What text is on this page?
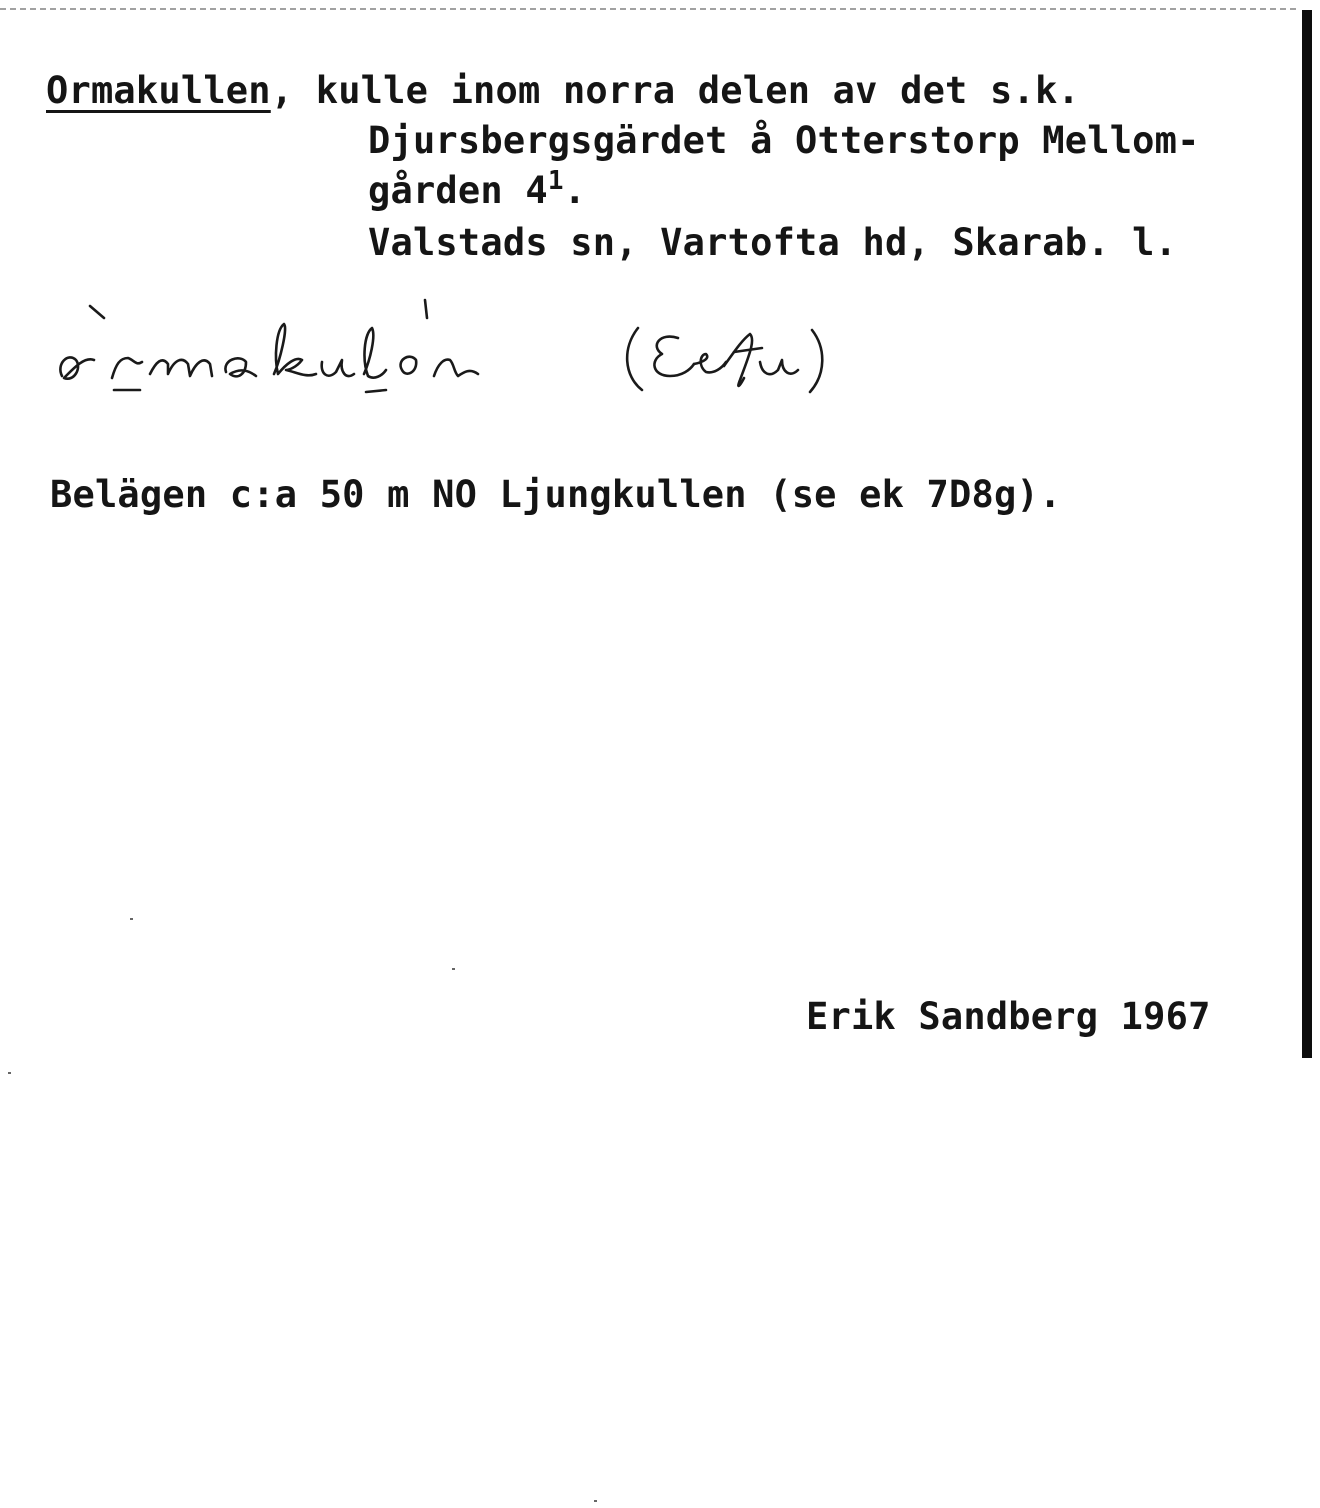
Ormakullen, kulle inom norra delen av det s.k.
Djursbergsgärdet å Otterstorp Mellom-
gården $4^1$.
Valstads sn, Vartofta hd, Skarab. l.
òrmakùlon (Eefu)
Belägen c:a 50 m NO Ljungkullen (se ek 7D8g).
Erik Sandberg 1967
